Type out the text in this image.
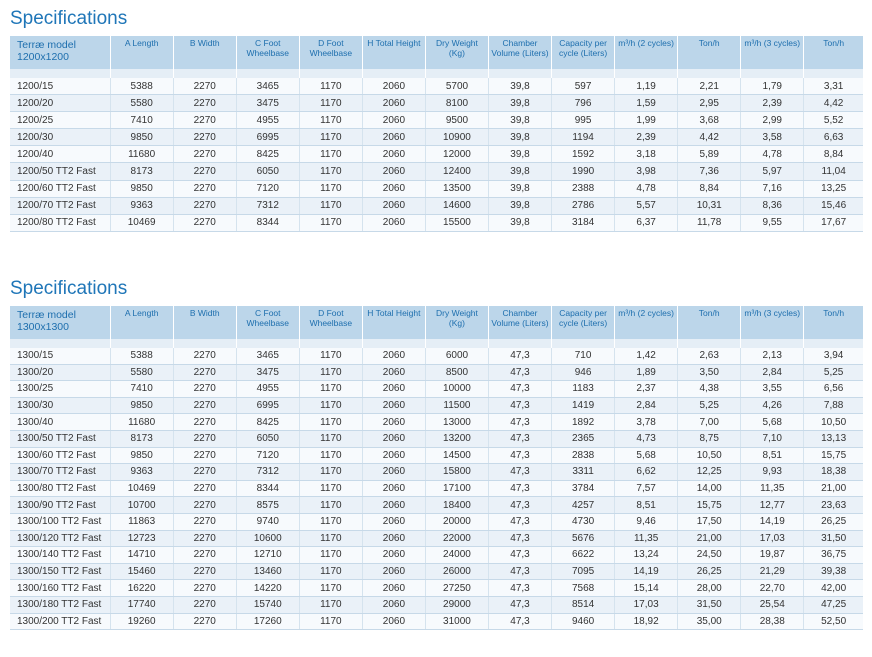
Specifications
Terræ model
1200x1200	A Length	B Width	C Foot Wheelbase	D Foot Wheelbase	H Total Height	Dry Weight (Kg)	Chamber Volume (Liters)	Capacity per cycle (Liters)	m³/h (2 cycles)	Ton/h	m³/h (3 cycles)	Ton/h

1200/15	5388	2270	3465	1170	2060	5700	39,8	597	1,19	2,21	1,79	3,31
1200/20	5580	2270	3475	1170	2060	8100	39,8	796	1,59	2,95	2,39	4,42
1200/25	7410	2270	4955	1170	2060	9500	39,8	995	1,99	3,68	2,99	5,52
1200/30	9850	2270	6995	1170	2060	10900	39,8	1194	2,39	4,42	3,58	6,63
1200/40	11680	2270	8425	1170	2060	12000	39,8	1592	3,18	5,89	4,78	8,84
1200/50 TT2 Fast	8173	2270	6050	1170	2060	12400	39,8	1990	3,98	7,36	5,97	11,04
1200/60 TT2 Fast	9850	2270	7120	1170	2060	13500	39,8	2388	4,78	8,84	7,16	13,25
1200/70 TT2 Fast	9363	2270	7312	1170	2060	14600	39,8	2786	5,57	10,31	8,36	15,46
1200/80 TT2 Fast	10469	2270	8344	1170	2060	15500	39,8	3184	6,37	11,78	9,55	17,67
Specifications
Terræ model
1300x1300	A Length	B Width	C Foot Wheelbase	D Foot Wheelbase	H Total Height	Dry Weight (Kg)	Chamber Volume (Liters)	Capacity per cycle (Liters)	m³/h (2 cycles)	Ton/h	m³/h (3 cycles)	Ton/h

1300/15	5388	2270	3465	1170	2060	6000	47,3	710	1,42	2,63	2,13	3,94
1300/20	5580	2270	3475	1170	2060	8500	47,3	946	1,89	3,50	2,84	5,25
1300/25	7410	2270	4955	1170	2060	10000	47,3	1183	2,37	4,38	3,55	6,56
1300/30	9850	2270	6995	1170	2060	11500	47,3	1419	2,84	5,25	4,26	7,88
1300/40	11680	2270	8425	1170	2060	13000	47,3	1892	3,78	7,00	5,68	10,50
1300/50 TT2 Fast	8173	2270	6050	1170	2060	13200	47,3	2365	4,73	8,75	7,10	13,13
1300/60 TT2 Fast	9850	2270	7120	1170	2060	14500	47,3	2838	5,68	10,50	8,51	15,75
1300/70 TT2 Fast	9363	2270	7312	1170	2060	15800	47,3	3311	6,62	12,25	9,93	18,38
1300/80 TT2 Fast	10469	2270	8344	1170	2060	17100	47,3	3784	7,57	14,00	11,35	21,00
1300/90 TT2 Fast	10700	2270	8575	1170	2060	18400	47,3	4257	8,51	15,75	12,77	23,63
1300/100 TT2 Fast	11863	2270	9740	1170	2060	20000	47,3	4730	9,46	17,50	14,19	26,25
1300/120 TT2 Fast	12723	2270	10600	1170	2060	22000	47,3	5676	11,35	21,00	17,03	31,50
1300/140 TT2 Fast	14710	2270	12710	1170	2060	24000	47,3	6622	13,24	24,50	19,87	36,75
1300/150 TT2 Fast	15460	2270	13460	1170	2060	26000	47,3	7095	14,19	26,25	21,29	39,38
1300/160 TT2 Fast	16220	2270	14220	1170	2060	27250	47,3	7568	15,14	28,00	22,70	42,00
1300/180 TT2 Fast	17740	2270	15740	1170	2060	29000	47,3	8514	17,03	31,50	25,54	47,25
1300/200 TT2 Fast	19260	2270	17260	1170	2060	31000	47,3	9460	18,92	35,00	28,38	52,50
